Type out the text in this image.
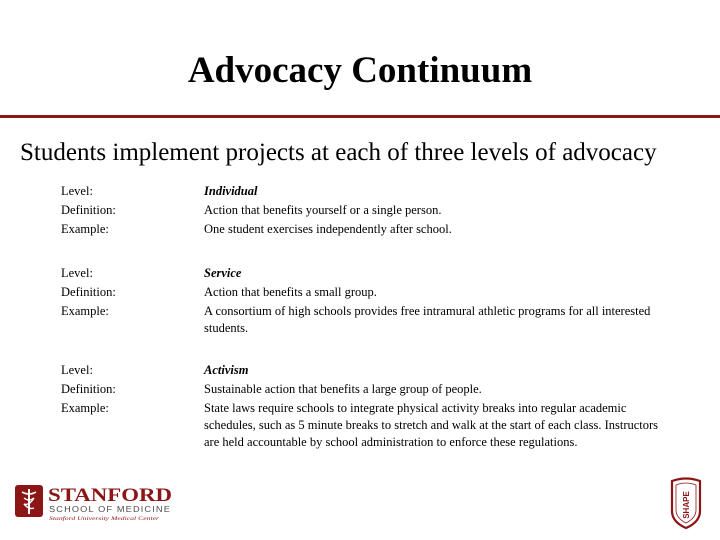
Advocacy Continuum
Students implement projects at each of three levels of advocacy
Level:	Individual
Definition:	Action that benefits yourself or a single person.
Example:	One student exercises independently after school.
Level:	Service
Definition:	Action that benefits a small group.
Example:	A consortium of high schools provides free intramural athletic programs for all interested students.
Level:	Activism
Definition:	Sustainable action that benefits a large group of people.
Example:	State laws require schools to integrate physical activity breaks into regular academic schedules, such as 5 minute breaks to stretch and walk at the start of each class. Instructors are held accountable by school administration to enforce these regulations.
STANFORD
SCHOOL OF MEDICINE
Stanford University Medical Center
SHAPE
